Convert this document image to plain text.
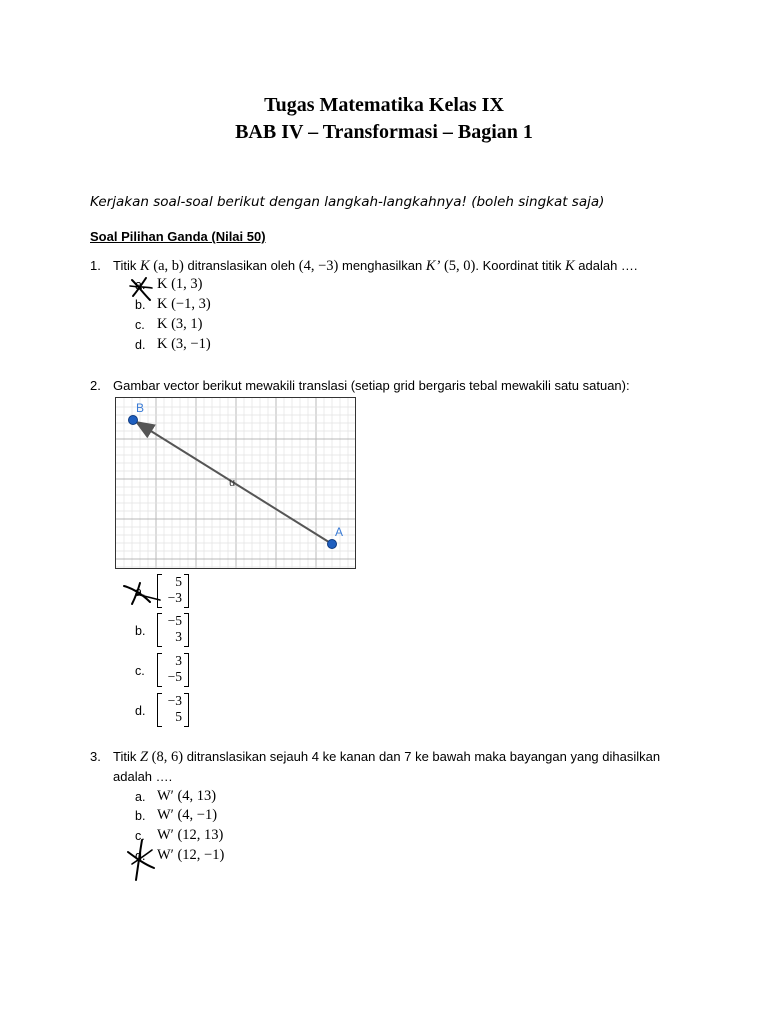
Tugas Matematika Kelas IX
BAB IV – Transformasi – Bagian 1
Kerjakan soal-soal berikut dengan langkah-langkahnya! (boleh singkat saja)
Soal Pilihan Ganda (Nilai 50)
1. Titik K (a, b) ditranslasikan oleh (4, −3) menghasilkan K’ (5, 0). Koordinat titik K adalah ….
a. K (1, 3)
b. K (−1, 3)
c. K (3, 1)
d. K (3, −1)
2. Gambar vector berikut mewakili translasi (setiap grid bergaris tebal mewakili satu satuan):
A
B
u
a.
5
−3
b.
−5
3
c.
3
−5
d.
−3
5
3. Titik Z (8, 6) ditranslasikan sejauh 4 ke kanan dan 7 ke bawah maka bayangan yang dihasilkan
adalah ….
a. W′ (4, 13)
b. W′ (4, −1)
c. W′ (12, 13)
d. W′ (12, −1)
